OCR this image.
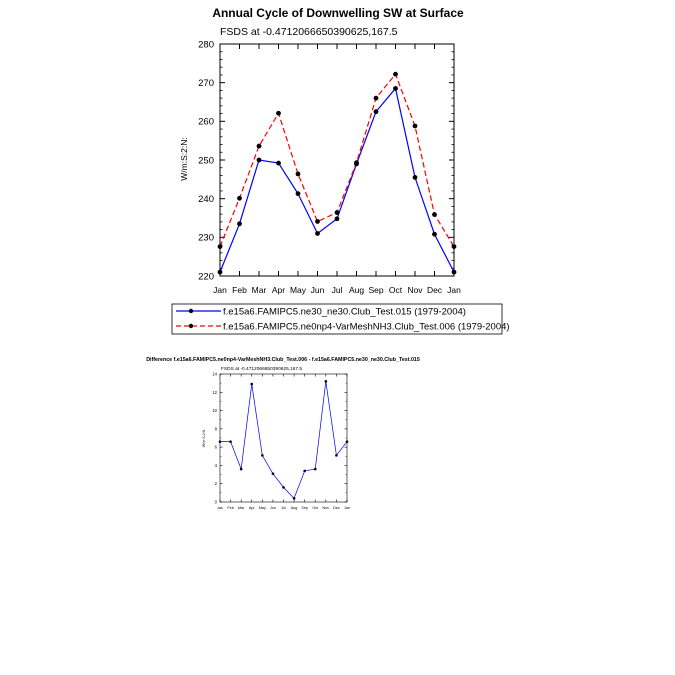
Annual Cycle of Downwelling SW at Surface
FSDS at -0.4712066650390625,167.5
W/m:S:2:N:
220
230
240
250
260
270
280
Jan Feb Mar Apr May Jun Jul Aug Sep Oct Nov Dec Jan
f.e15a6.FAMIPC5.ne30_ne30.Club_Test.015 (1979-2004)
f.e15a6.FAMIPC5.ne0np4-VarMeshNH3.Club_Test.006 (1979-2004)
Difference f.e15a6.FAMIPC5.ne0np4-VarMeshNH3.Club_Test.006 - f.e15a6.FAMIPC5.ne30_ne30.Club_Test.015
FSDS at -0.4712066650390625,167.5
W/m:S:2:N:
0
2
4
6
8
10
12
14
Jan Feb Mar Apr May Jun Jul Aug Sep Oct Nov Dec Jan
